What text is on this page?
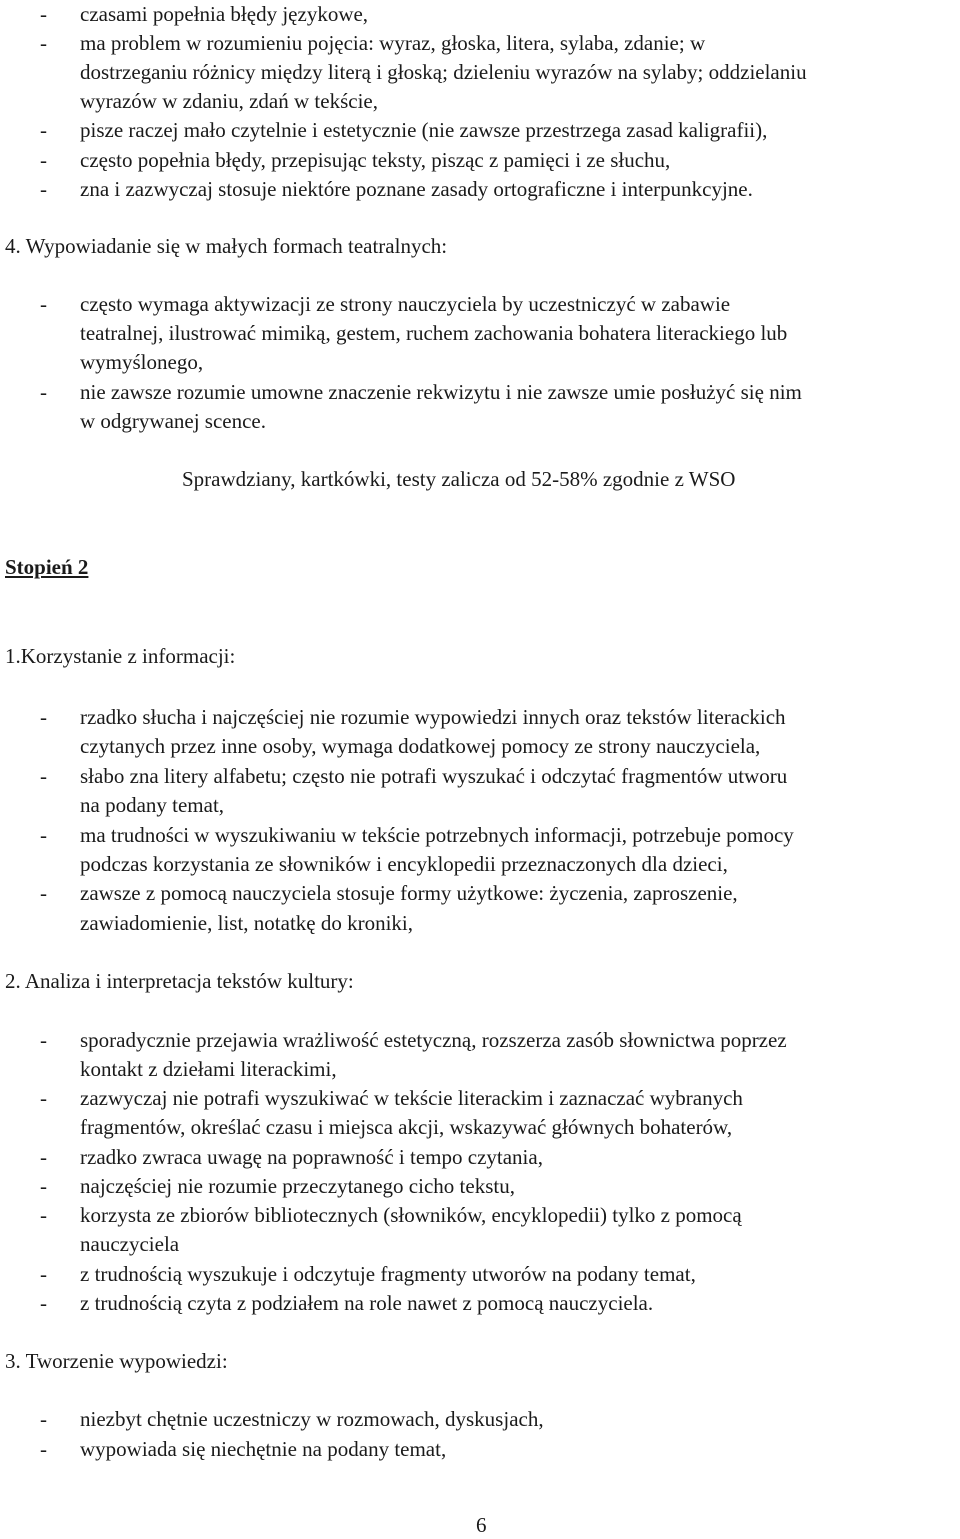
- czasami popełnia błędy językowe,
- ma problem w rozumieniu pojęcia: wyraz, głoska, litera, sylaba, zdanie; w
dostrzeganiu różnicy między literą i głoską; dzieleniu wyrazów na sylaby; oddzielaniu
wyrazów w zdaniu, zdań w tekście,
- pisze raczej mało czytelnie i estetycznie (nie zawsze przestrzega zasad kaligrafii),
- często popełnia błędy, przepisując teksty, pisząc z pamięci i ze słuchu,
- zna i zazwyczaj stosuje niektóre poznane zasady ortograficzne i interpunkcyjne.
4. Wypowiadanie się w małych formach teatralnych:
- często wymaga aktywizacji ze strony nauczyciela by uczestniczyć w zabawie
teatralnej, ilustrować mimiką, gestem, ruchem zachowania bohatera literackiego lub
wymyślonego,
- nie zawsze rozumie umowne znaczenie rekwizytu i nie zawsze umie posłużyć się nim
w odgrywanej scence.
Sprawdziany, kartkówki, testy zalicza od 52-58% zgodnie z WSO
Stopień 2
1.Korzystanie z informacji:
- rzadko słucha i najczęściej nie rozumie wypowiedzi innych oraz tekstów literackich
czytanych przez inne osoby, wymaga dodatkowej pomocy ze strony nauczyciela,
- słabo zna litery alfabetu; często nie potrafi wyszukać i odczytać fragmentów utworu
na podany temat,
- ma trudności w wyszukiwaniu w tekście potrzebnych informacji, potrzebuje pomocy
podczas korzystania ze słowników i encyklopedii przeznaczonych dla dzieci,
- zawsze z pomocą nauczyciela stosuje formy użytkowe: życzenia, zaproszenie,
zawiadomienie, list, notatkę do kroniki,
2. Analiza i interpretacja tekstów kultury:
- sporadycznie przejawia wrażliwość estetyczną, rozszerza zasób słownictwa poprzez
kontakt z dziełami literackimi,
- zazwyczaj nie potrafi wyszukiwać w tekście literackim i zaznaczać wybranych
fragmentów, określać czasu i miejsca akcji, wskazywać głównych bohaterów,
- rzadko zwraca uwagę na poprawność i tempo czytania,
- najczęściej nie rozumie przeczytanego cicho tekstu,
- korzysta ze zbiorów bibliotecznych (słowników, encyklopedii) tylko z pomocą
nauczyciela
- z trudnością wyszukuje i odczytuje fragmenty utworów na podany temat,
- z trudnością czyta z podziałem na role nawet z pomocą nauczyciela.
3. Tworzenie wypowiedzi:
- niezbyt chętnie uczestniczy w rozmowach, dyskusjach,
- wypowiada się niechętnie na podany temat,
6
